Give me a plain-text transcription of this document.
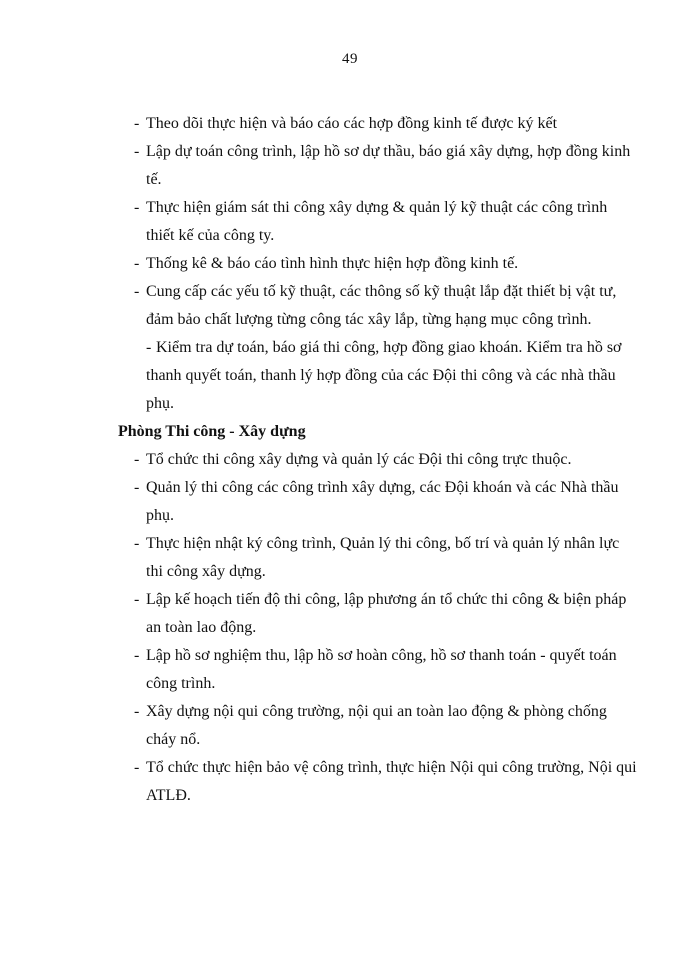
49

- Theo dõi thực hiện và báo cáo các hợp đồng kinh tế được ký kết

- Lập dự toán công trình, lập hồ sơ dự thầu, báo giá xây dựng, hợp đồng kinh tế.

- Thực hiện giám sát thi công xây dựng & quản lý kỹ thuật các công trình thiết kế của công ty.

- Thống kê & báo cáo tình hình thực hiện hợp đồng kinh tế.

- Cung cấp các yếu tố kỹ thuật, các thông số kỹ thuật lắp đặt thiết bị vật tư, đảm bảo chất lượng từng công tác xây lắp, từng hạng mục công trình.

- Kiểm tra dự toán, báo giá thi công, hợp đồng giao khoán. Kiểm tra hồ sơ thanh quyết toán, thanh lý hợp đồng của các Đội thi công và các nhà thầu phụ.

Phòng Thi công - Xây dựng

- Tổ chức thi công xây dựng và quản lý các Đội thi công trực thuộc.

- Quản lý thi công các công trình xây dựng, các Đội khoán và các Nhà thầu phụ.

- Thực hiện nhật ký công trình, Quản lý thi công, bố trí và quản lý nhân lực thi công xây dựng.

- Lập kế hoạch tiến độ thi công, lập phương án tổ chức thi công & biện pháp an toàn lao động.

- Lập hồ sơ nghiệm thu, lập hồ sơ hoàn công, hồ sơ thanh toán - quyết toán công trình.

- Xây dựng nội qui công trường, nội qui an toàn lao động & phòng chống cháy nổ.

- Tổ chức thực hiện bảo vệ công trình, thực hiện Nội qui công trường, Nội qui ATLĐ.
